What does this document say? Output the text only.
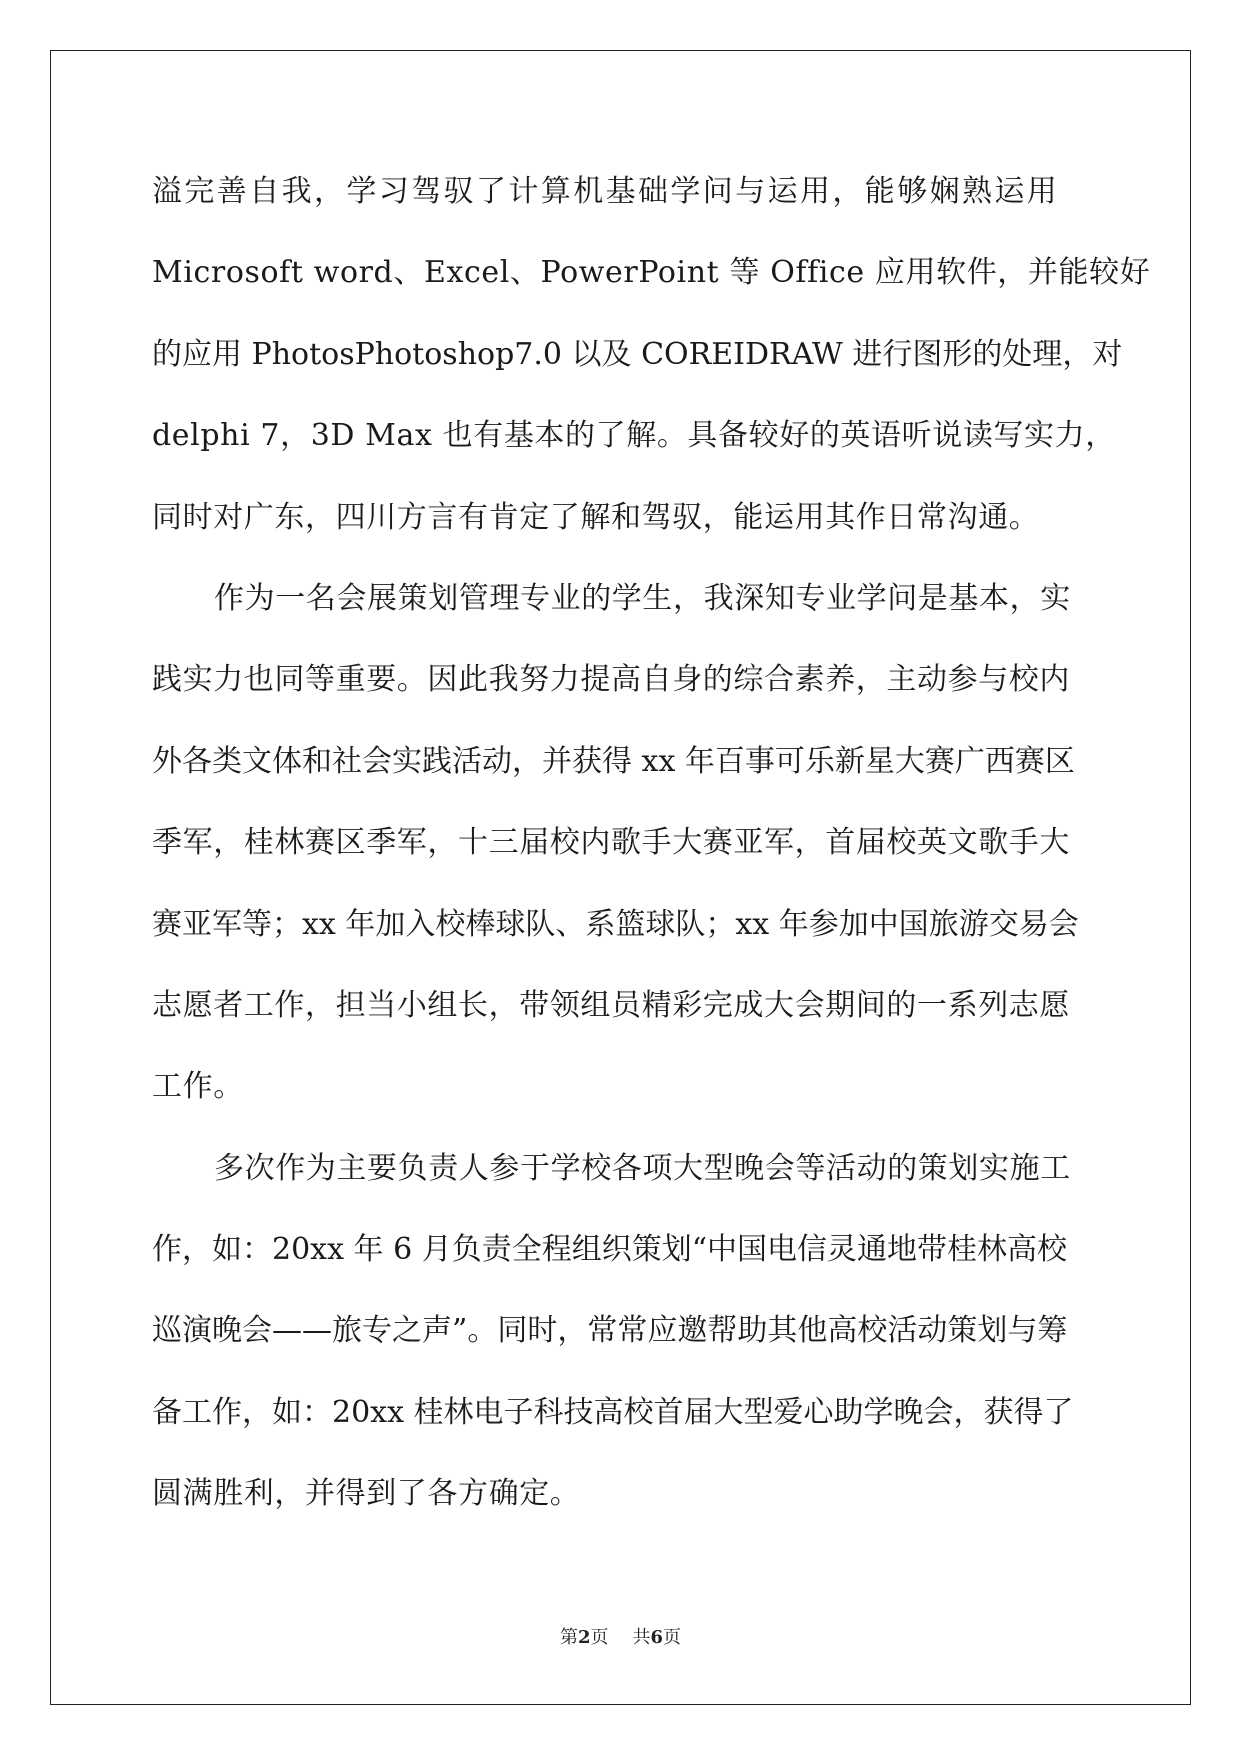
溢完善自我，学习驾驭了计算机基础学问与运用，能够娴熟运用
Microsoft word、Excel、PowerPoint 等 Office 应用软件，并能较好
的应用 PhotosPhotoshop7.0 以及 COREIDRAW 进行图形的处理，对
delphi 7，3D Max 也有基本的了解。具备较好的英语听说读写实力，
同时对广东，四川方言有肯定了解和驾驭，能运用其作日常沟通。
作为一名会展策划管理专业的学生，我深知专业学问是基本，实
践实力也同等重要。因此我努力提高自身的综合素养，主动参与校内
外各类文体和社会实践活动，并获得 xx 年百事可乐新星大赛广西赛区
季军，桂林赛区季军，十三届校内歌手大赛亚军，首届校英文歌手大
赛亚军等；xx 年加入校棒球队、系篮球队；xx 年参加中国旅游交易会
志愿者工作，担当小组长，带领组员精彩完成大会期间的一系列志愿
工作。
多次作为主要负责人参于学校各项大型晚会等活动的策划实施工
作，如：20xx 年 6 月负责全程组织策划“中国电信灵通地带桂林高校
巡演晚会——旅专之声”。同时，常常应邀帮助其他高校活动策划与筹
备工作，如：20xx 桂林电子科技高校首届大型爱心助学晚会，获得了
圆满胜利，并得到了各方确定。
第2页 共6页
